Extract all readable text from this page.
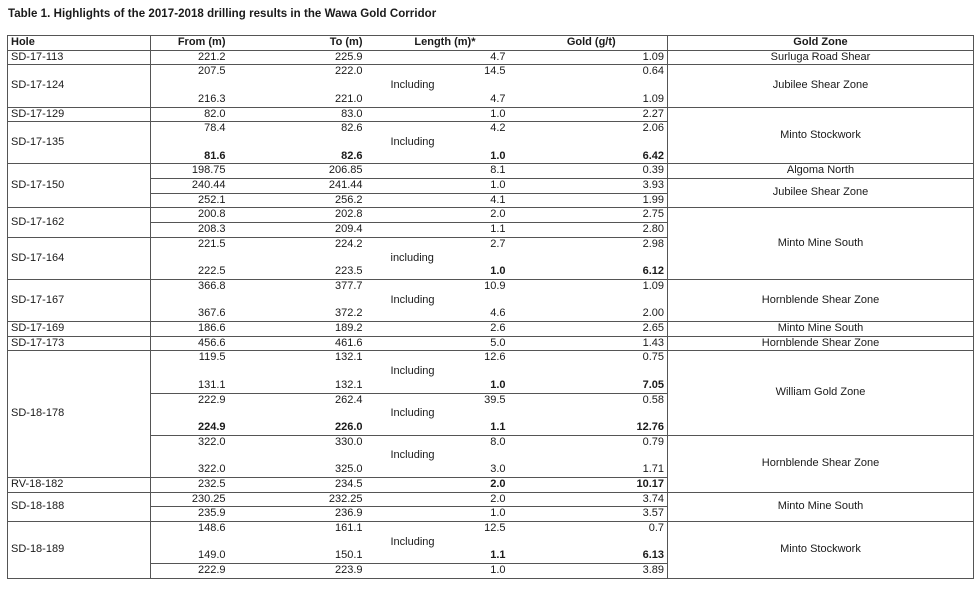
Table 1. Highlights of the 2017-2018 drilling results in the Wawa Gold Corridor
Hole	From (m)	To (m)	Length (m)*	Gold (g/t)	Gold Zone
SD-17-113	221.2	225.9	4.7	1.09	Surluga Road Shear
SD-17-124	207.5	222.0	14.5	0.64	Jubilee Shear Zone
			Including		
	216.3	221.0	4.7	1.09	
SD-17-129	82.0	83.0	1.0	2.27	Minto Stockwork
SD-17-135	78.4	82.6	4.2	2.06	
			Including		
	81.6	82.6	1.0	6.42	
SD-17-150	198.75	206.85	8.1	0.39	Algoma North
	240.44	241.44	1.0	3.93	Jubilee Shear Zone
	252.1	256.2	4.1	1.99	
SD-17-162	200.8	202.8	2.0	2.75	Minto Mine South
	208.3	209.4	1.1	2.80	
SD-17-164	221.5	224.2	2.7	2.98	
			including		
	222.5	223.5	1.0	6.12	
SD-17-167	366.8	377.7	10.9	1.09	Hornblende Shear Zone
			Including		
	367.6	372.2	4.6	2.00	
SD-17-169	186.6	189.2	2.6	2.65	Minto Mine South
SD-17-173	456.6	461.6	5.0	1.43	Hornblende Shear Zone
SD-18-178	119.5	132.1	12.6	0.75	William Gold Zone
			Including		
	131.1	132.1	1.0	7.05	
	222.9	262.4	39.5	0.58	
			Including		
	224.9	226.0	1.1	12.76	
	322.0	330.0	8.0	0.79	Hornblende Shear Zone
			Including		
	322.0	325.0	3.0	1.71	
RV-18-182	232.5	234.5	2.0	10.17	
SD-18-188	230.25	232.25	2.0	3.74	Minto Mine South
	235.9	236.9	1.0	3.57	
SD-18-189	148.6	161.1	12.5	0.7	Minto Stockwork
			Including		
	149.0	150.1	1.1	6.13	
	222.9	223.9	1.0	3.89	
